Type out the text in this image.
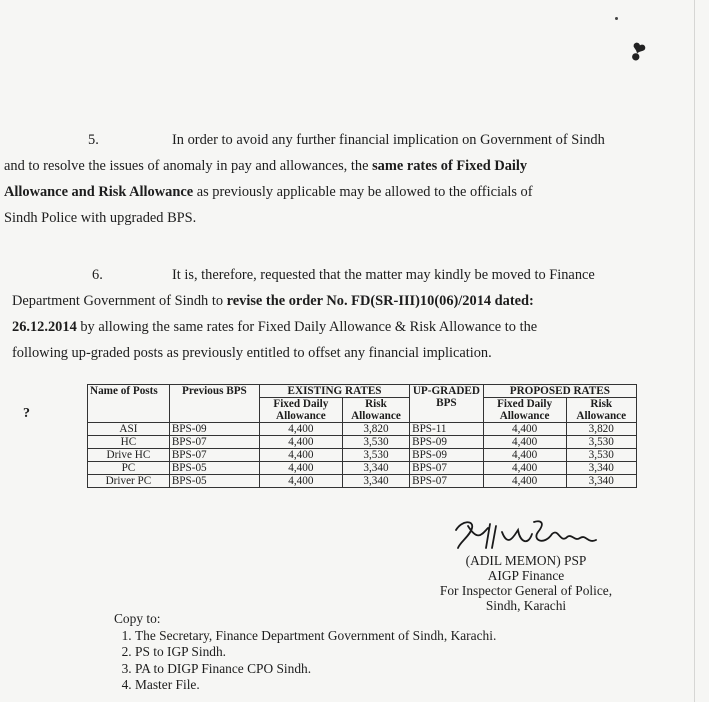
❣
?
5.	In order to avoid any further financial implication on Government of Sindh
and to resolve the issues of anomaly in pay and allowances, the same rates of Fixed Daily
Allowance and Risk Allowance as previously applicable may be allowed to the officials of
Sindh Police with upgraded BPS.

6.	It is, therefore, requested that the matter may kindly be moved to Finance
Department Government of Sindh to revise the order No. FD(SR-III)10(06)/2014 dated:
26.12.2014 by allowing the same rates for Fixed Daily Allowance & Risk Allowance to the
following up-graded posts as previously entitled to offset any financial implication.

Name of Posts	Previous BPS	EXISTING RATES		UP-GRADED BPS	PROPOSED RATES	
		Fixed Daily Allowance	Risk Allowance		Fixed Daily Allowance	Risk Allowance
ASI	BPS-09	4,400	3,820	BPS-11	4,400	3,820
HC	BPS-07	4,400	3,530	BPS-09	4,400	3,530
Drive HC	BPS-07	4,400	3,530	BPS-09	4,400	3,530
PC	BPS-05	4,400	3,340	BPS-07	4,400	3,340
Driver PC	BPS-05	4,400	3,340	BPS-07	4,400	3,340
(ADIL MEMON) PSP
AIGP Finance
For Inspector General of Police,
Sindh, Karachi
Copy to:
1. The Secretary, Finance Department Government of Sindh, Karachi.
2. PS to IGP Sindh.
3. PA to DIGP Finance CPO Sindh.
4. Master File.
